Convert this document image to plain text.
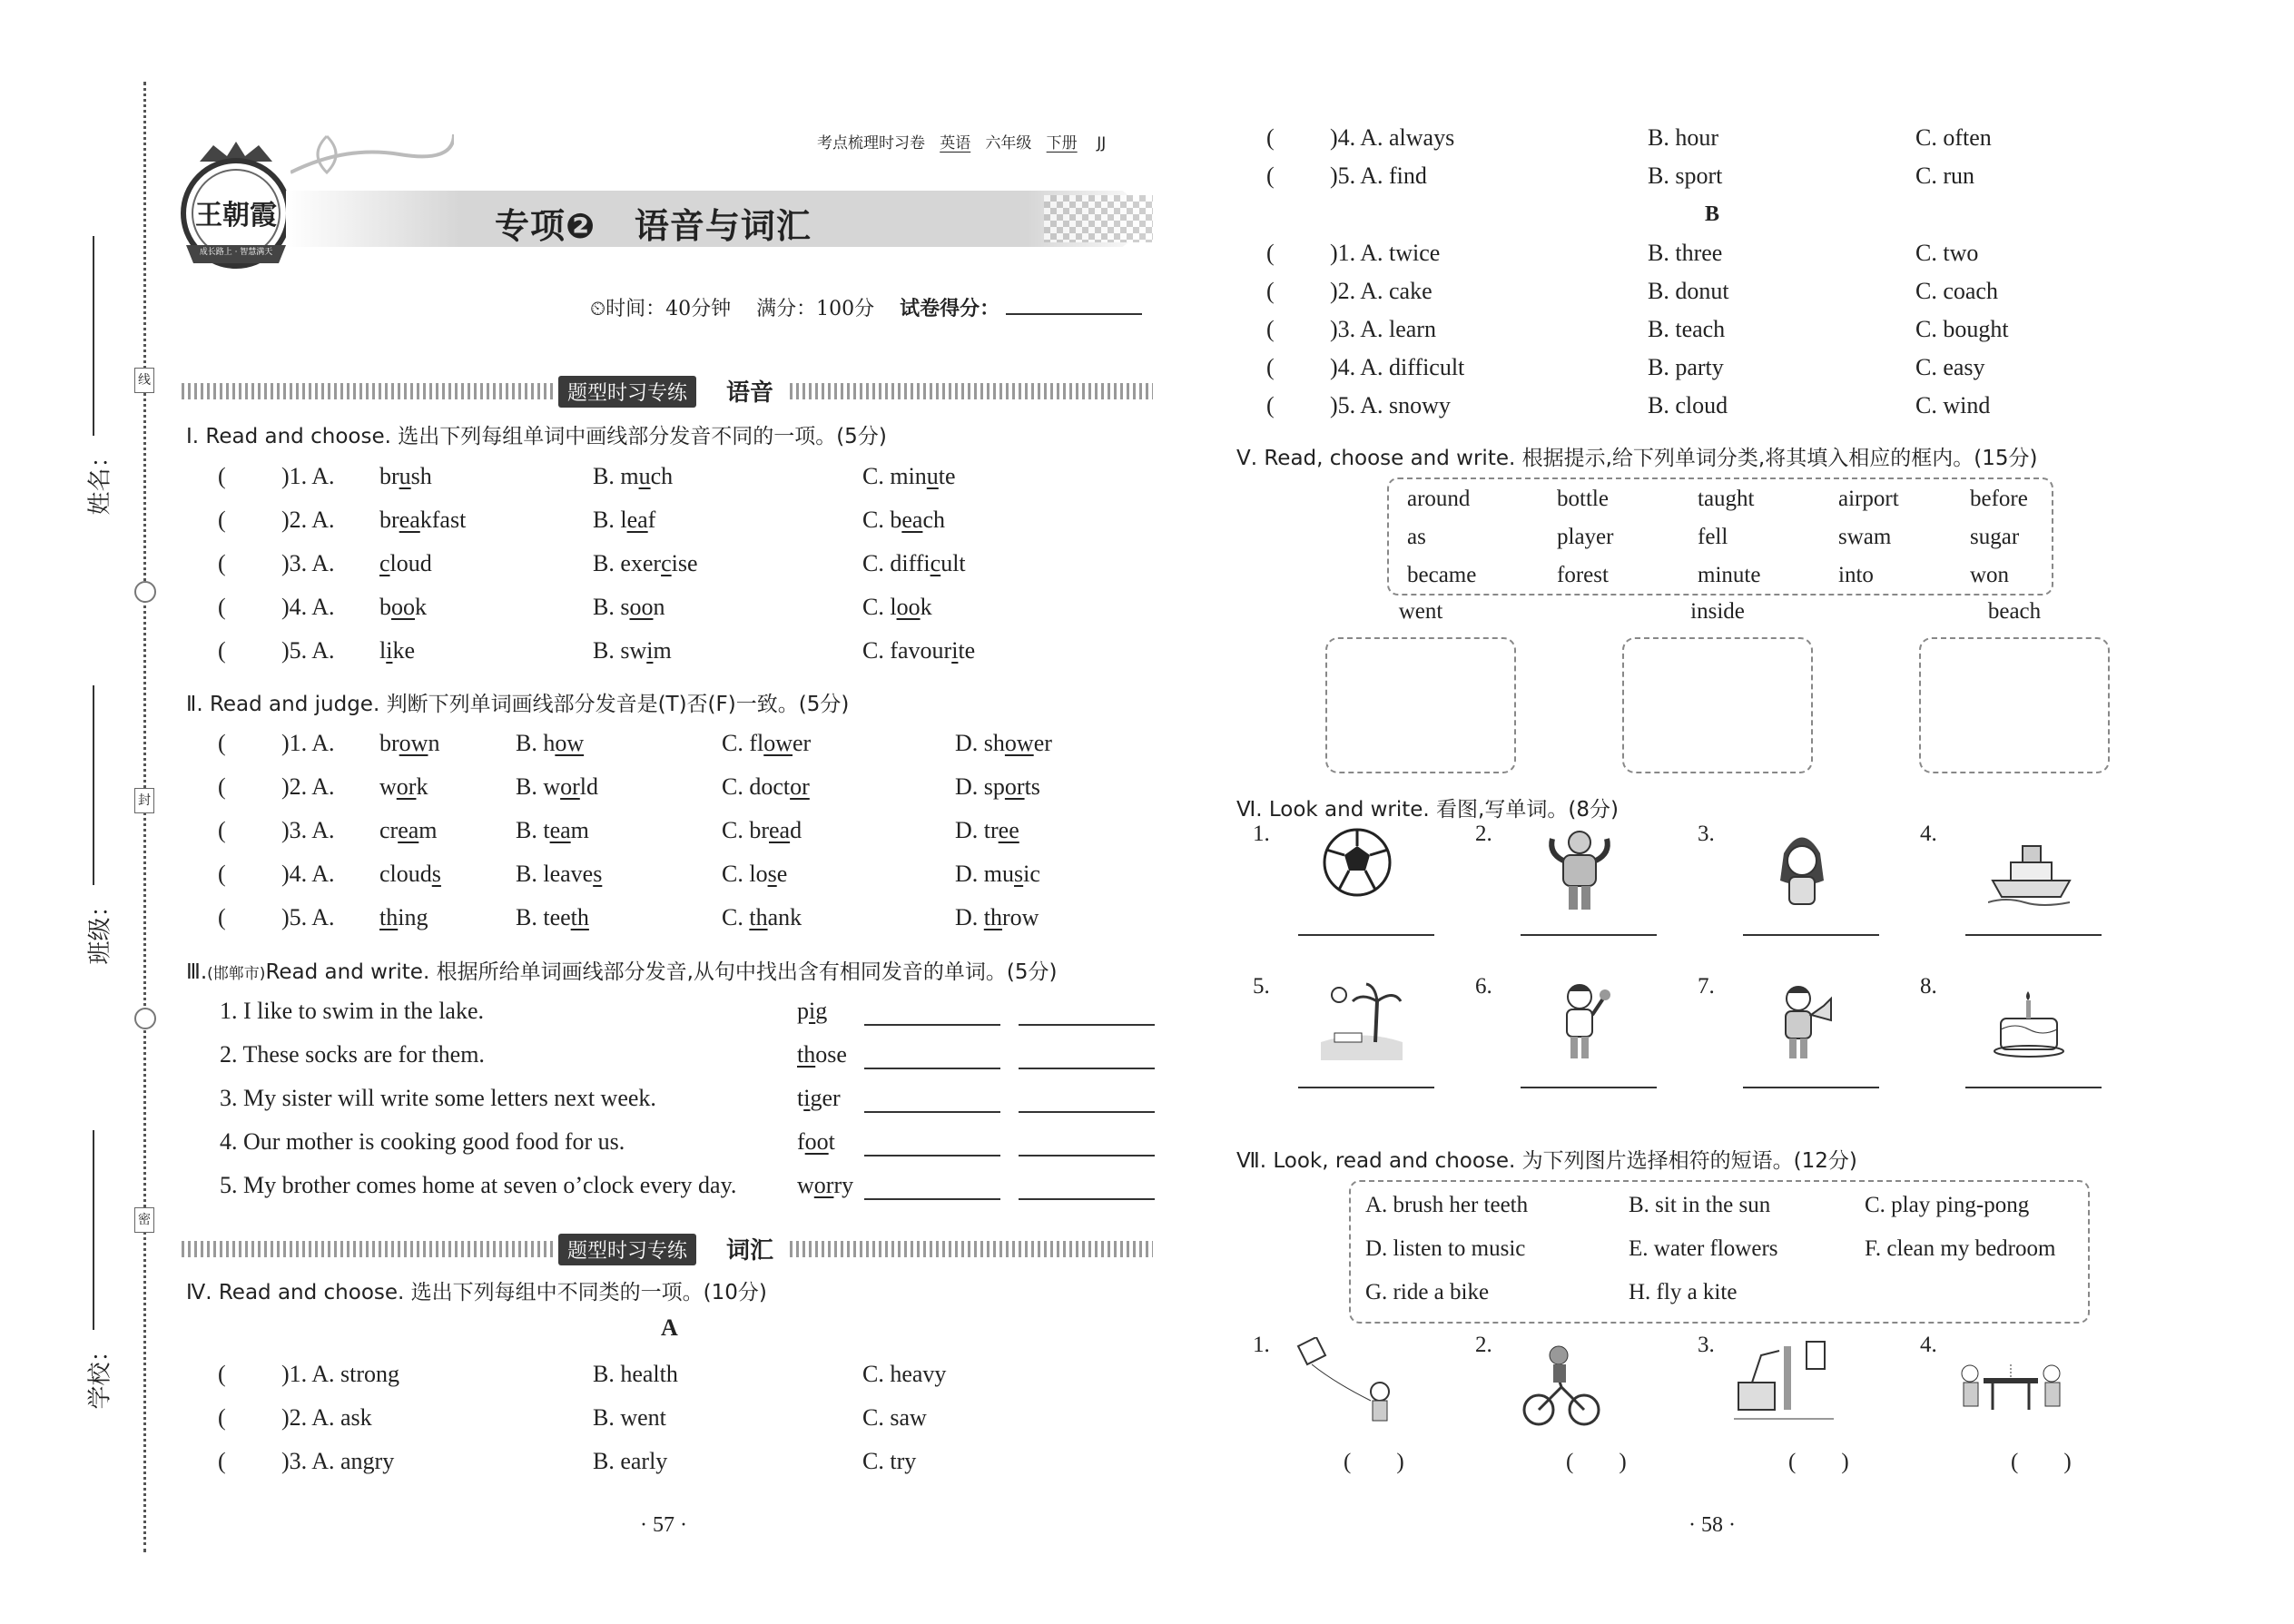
线
封
密
姓名：
班级：
学校：
王朝霞
成长路上 · 智慧满天
考点梳理时习卷 英语 六年级 下册 JJ
专项❷ 语音与词汇
⏲时间：40分钟 满分：100分 试卷得分：
题型时习专练	语音
Ⅰ. Read and choose. 选出下列每组单词中画线部分发音不同的一项。(5分)
( )1. A. brush	B. much	C. minute
( )2. A. breakfast	B. leaf	C. beach
( )3. A. cloud	B. exercise	C. difficult
( )4. A. book	B. soon	C. look
( )5. A. like	B. swim	C. favourite
Ⅱ. Read and judge. 判断下列单词画线部分发音是(T)否(F)一致。(5分)
( )1. A. brown	B. how	C. flower	D. shower
( )2. A. work	B. world	C. doctor	D. sports
( )3. A. cream	B. team	C. bread	D. tree
( )4. A. clouds	B. leaves	C. lose	D. music
( )5. A. thing	B. teeth	C. thank	D. throw
Ⅲ.(邯郸市)Read and write. 根据所给单词画线部分发音,从句中找出含有相同发音的单词。(5分)
1. I like to swim in the lake.	pig
2. These socks are for them.	those
3. My sister will write some letters next week.	tiger
4. Our mother is cooking good food for us.	foot
5. My brother comes home at seven o’clock every day.	worry
题型时习专练	词汇
Ⅳ. Read and choose. 选出下列每组中不同类的一项。(10分)
A
( )1. A. strong	B. health	C. heavy
( )2. A. ask	B. went	C. saw
( )3. A. angry	B. early	C. try
· 57 ·
( )4. A. always	B. hour	C. often
( )5. A. find	B. sport	C. run
B
( )1. A. twice	B. three	C. two
( )2. A. cake	B. donut	C. coach
( )3. A. learn	B. teach	C. bought
( )4. A. difficult	B. party	C. easy
( )5. A. snowy	B. cloud	C. wind
Ⅴ. Read, choose and write. 根据提示,给下列单词分类,将其填入相应的框内。(15分)
around	bottle	taught	airport	before
as	player	fell	swam	sugar
became	forest	minute	into	won
went	inside	beach
Ⅵ. Look and write. 看图,写单词。(8分)
1.	2.	3.	4.
5.	6.	7.	8.
Ⅶ. Look, read and choose. 为下列图片选择相符的短语。(12分)
A. brush her teeth	B. sit in the sun	C. play ping-pong
D. listen to music	E. water flowers	F. clean my bedroom
G. ride a bike	H. fly a kite
1.
(　　)
2.
(　　)
3.
(　　)
4.
(　　)
· 58 ·
